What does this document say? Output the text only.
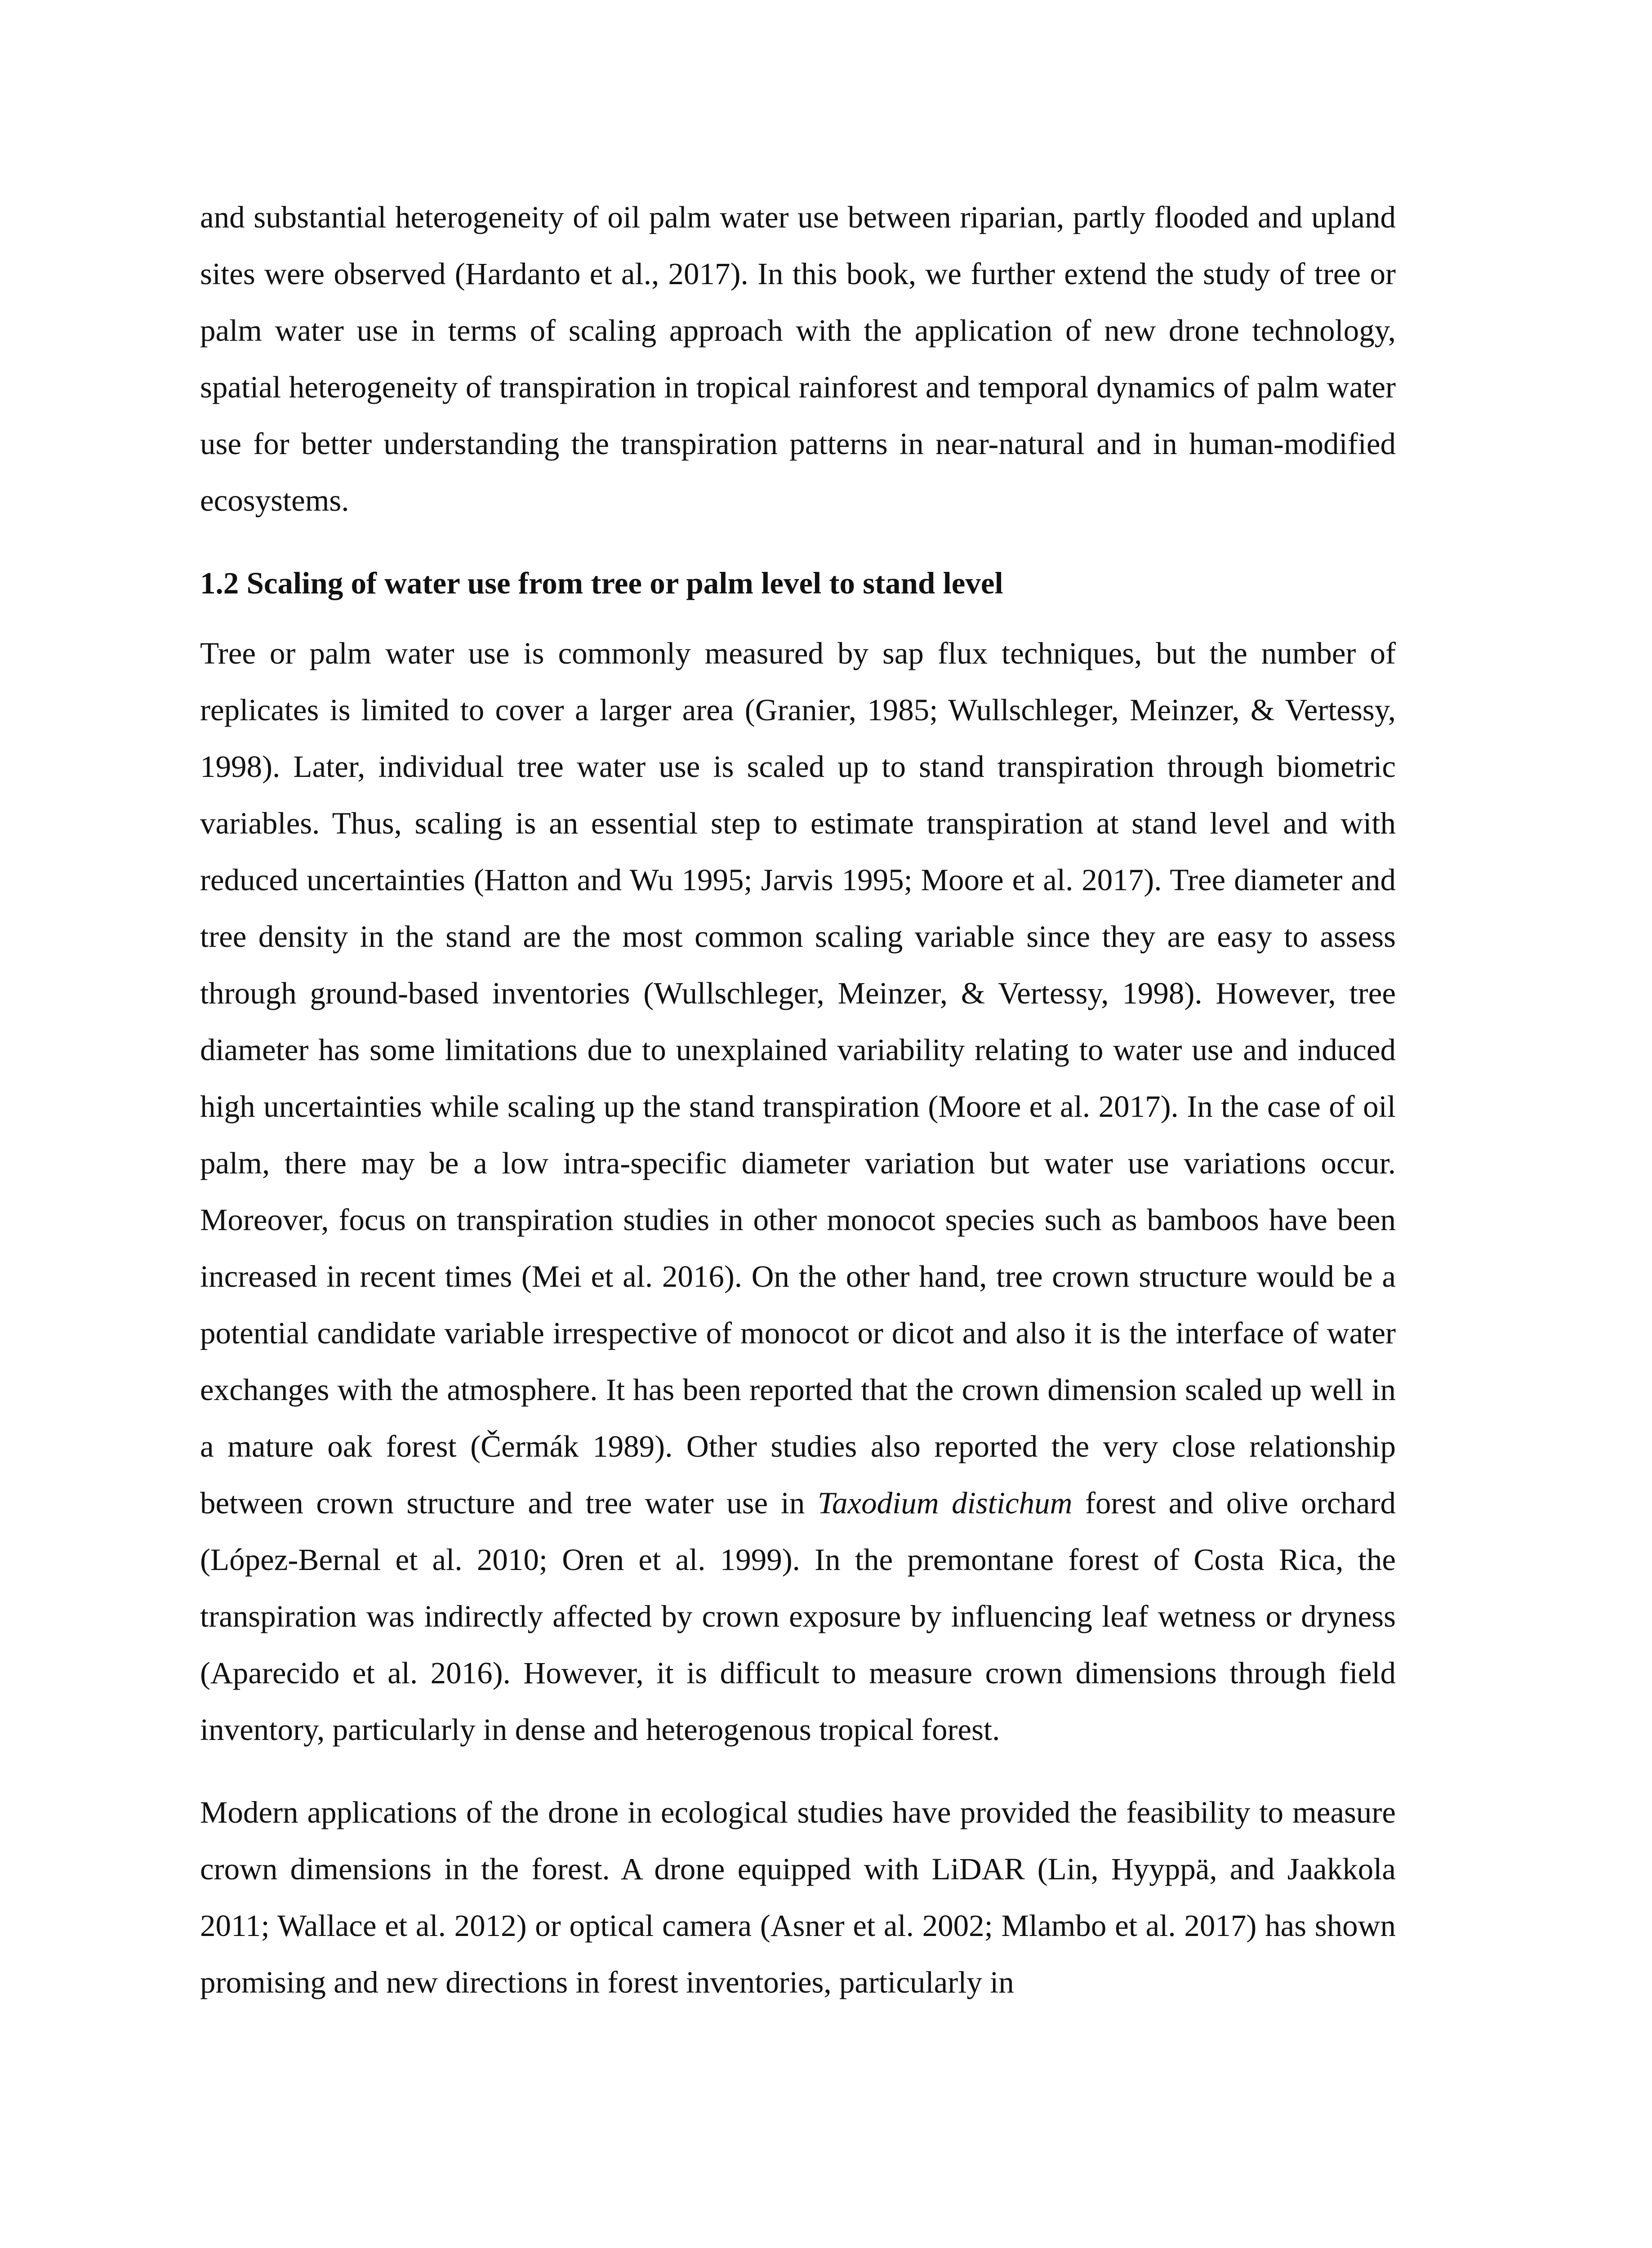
and substantial heterogeneity of oil palm water use between riparian, partly flooded and upland sites were observed (Hardanto et al., 2017). In this book, we further extend the study of tree or palm water use in terms of scaling approach with the application of new drone technology, spatial heterogeneity of transpiration in tropical rainforest and temporal dynamics of palm water use for better understanding the transpiration patterns in near-natural and in human-modified ecosystems.

1.2 Scaling of water use from tree or palm level to stand level

Tree or palm water use is commonly measured by sap flux techniques, but the number of replicates is limited to cover a larger area (Granier, 1985; Wullschleger, Meinzer, & Vertessy, 1998). Later, individual tree water use is scaled up to stand transpiration through biometric variables. Thus, scaling is an essential step to estimate transpiration at stand level and with reduced uncertainties (Hatton and Wu 1995; Jarvis 1995; Moore et al. 2017). Tree diameter and tree density in the stand are the most common scaling variable since they are easy to assess through ground-based inventories (Wullschleger, Meinzer, & Vertessy, 1998). However, tree diameter has some limitations due to unexplained variability relating to water use and induced high uncertainties while scaling up the stand transpiration (Moore et al. 2017). In the case of oil palm, there may be a low intra-specific diameter variation but water use variations occur. Moreover, focus on transpiration studies in other monocot species such as bamboos have been increased in recent times (Mei et al. 2016). On the other hand, tree crown structure would be a potential candidate variable irrespective of monocot or dicot and also it is the interface of water exchanges with the atmosphere. It has been reported that the crown dimension scaled up well in a mature oak forest (Čermák 1989). Other studies also reported the very close relationship between crown structure and tree water use in Taxodium distichum forest and olive orchard (López-Bernal et al. 2010; Oren et al. 1999). In the premontane forest of Costa Rica, the transpiration was indirectly affected by crown exposure by influencing leaf wetness or dryness (Aparecido et al. 2016). However, it is difficult to measure crown dimensions through field inventory, particularly in dense and heterogenous tropical forest.

Modern applications of the drone in ecological studies have provided the feasibility to measure crown dimensions in the forest. A drone equipped with LiDAR (Lin, Hyyppä, and Jaakkola 2011; Wallace et al. 2012) or optical camera (Asner et al. 2002; Mlambo et al. 2017) has shown promising and new directions in forest inventories, particularly in
